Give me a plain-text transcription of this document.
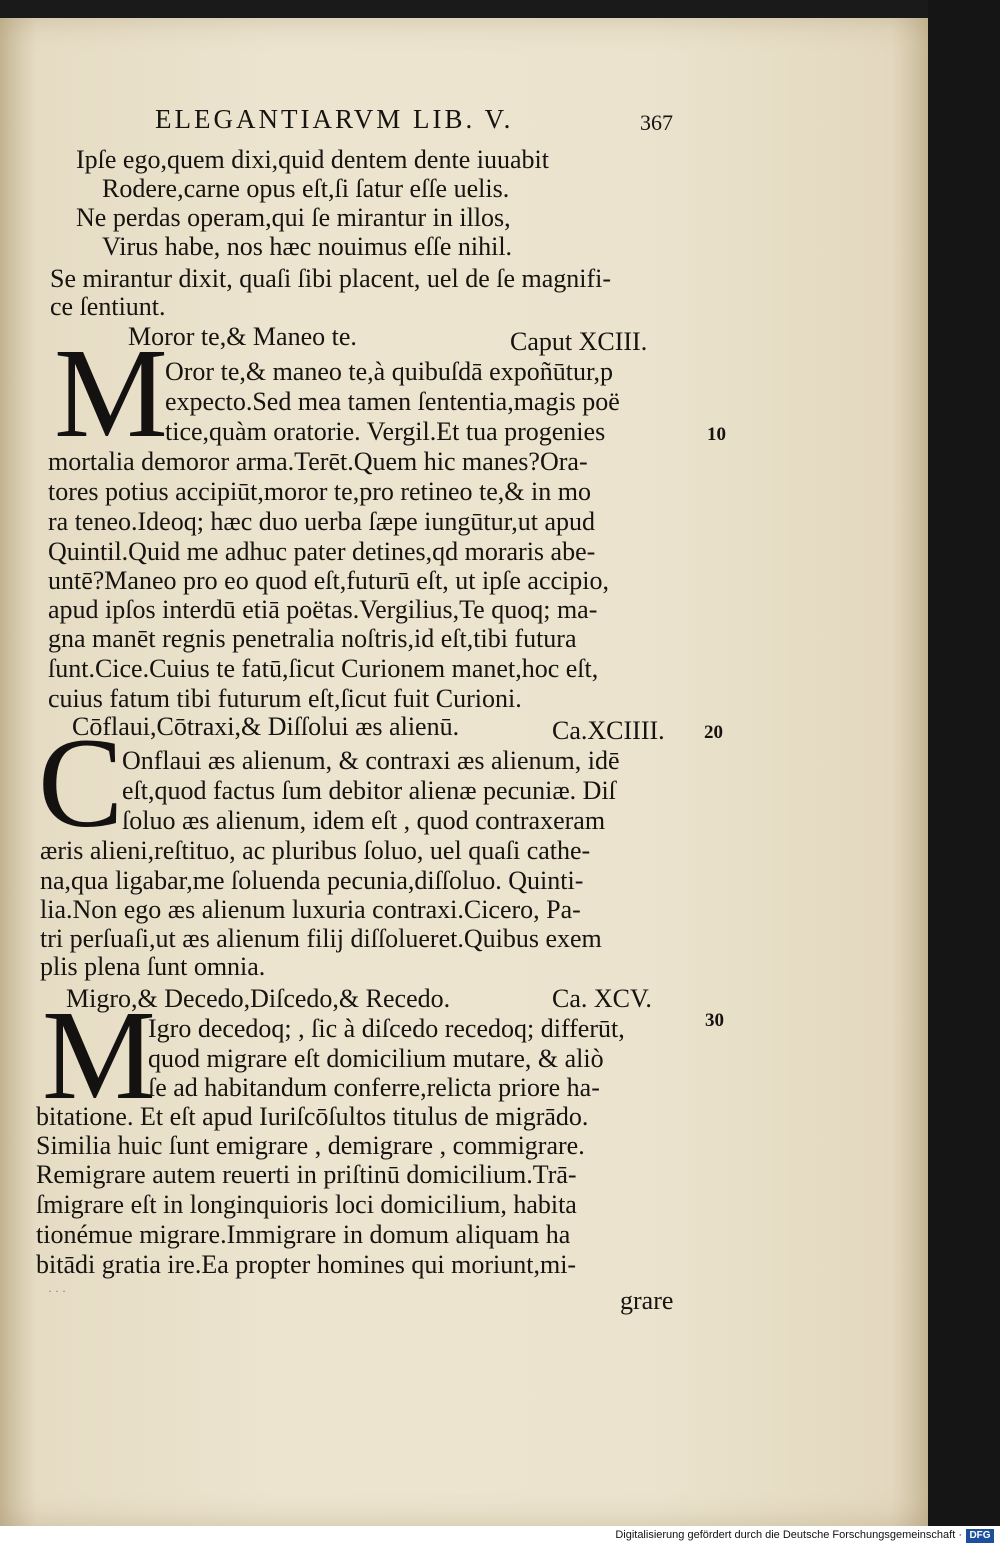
ELEGANTIARVM LIB. V.	367
Ipſe ego,quem dixi,quid dentem dente iuuabit
Rodere,carne opus eſt,ſi ſatur eſſe uelis.
Ne perdas operam,qui ſe mirantur in illos,
Virus habe, nos hæc nouimus eſſe nihil.
Se mirantur dixit, quaſi ſibi placent, uel de ſe magnifi-
ce ſentiunt.
Moror te,& Maneo te.	Caput XCIII.
M
Oror te,& maneo te,à quibuſdā expoñūtur,p
expecto.Sed mea tamen ſententia,magis poë
tice,quàm oratorie. Vergil.Et tua progenies	10
mortalia demoror arma.Terēt.Quem hic manes?Ora-
tores potius accipiūt,moror te,pro retineo te,& in mo
ra teneo.Ideoq; hæc duo uerba ſæpe iungūtur,ut apud
Quintil.Quid me adhuc pater detines,qd moraris abe-
untē?Maneo pro eo quod eſt,futurū eſt, ut ipſe accipio,
apud ipſos interdū etiā poëtas.Vergilius,Te quoq; ma-
gna manēt regnis penetralia noſtris,id eſt,tibi futura
ſunt.Cice.Cuius te fatū,ſicut Curionem manet,hoc eſt,
cuius fatum tibi futurum eſt,ſicut fuit Curioni.
Cōflaui,Cōtraxi,& Diſſolui æs alienū.	Ca.XCIIII. 20
C
Onflaui æs alienum, & contraxi æs alienum, idē
eſt,quod factus ſum debitor alienæ pecuniæ. Diſ
ſoluo æs alienum, idem eſt , quod contraxeram
æris alieni,reſtituo, ac pluribus ſoluo, uel quaſi cathe-
na,qua ligabar,me ſoluenda pecunia,diſſoluo. Quinti-
lia.Non ego æs alienum luxuria contraxi.Cicero, Pa-
tri perſuaſi,ut æs alienum filij diſſolueret.Quibus exem
plis plena ſunt omnia.
Migro,& Decedo,Diſcedo,& Recedo.	Ca. XCV.
30
M
Igro decedoq; , ſic à diſcedo recedoq; differūt,
quod migrare eſt domicilium mutare, & aliò
ſe ad habitandum conferre,relicta priore ha-
bitatione. Et eſt apud Iuriſcōſultos titulus de migrādo.
Similia huic ſunt emigrare , demigrare , commigrare.
Remigrare autem reuerti in priſtinū domicilium.Trā-
ſmigrare eſt in longinquioris loci domicilium, habita
tionémue migrare.Immigrare in domum aliquam ha
bitādi gratia ire.Ea propter homines qui moriunt,mi-
· · ·	grare
Digitalisierung gefördert durch die Deutsche Forschungsgemeinschaft · DFG
